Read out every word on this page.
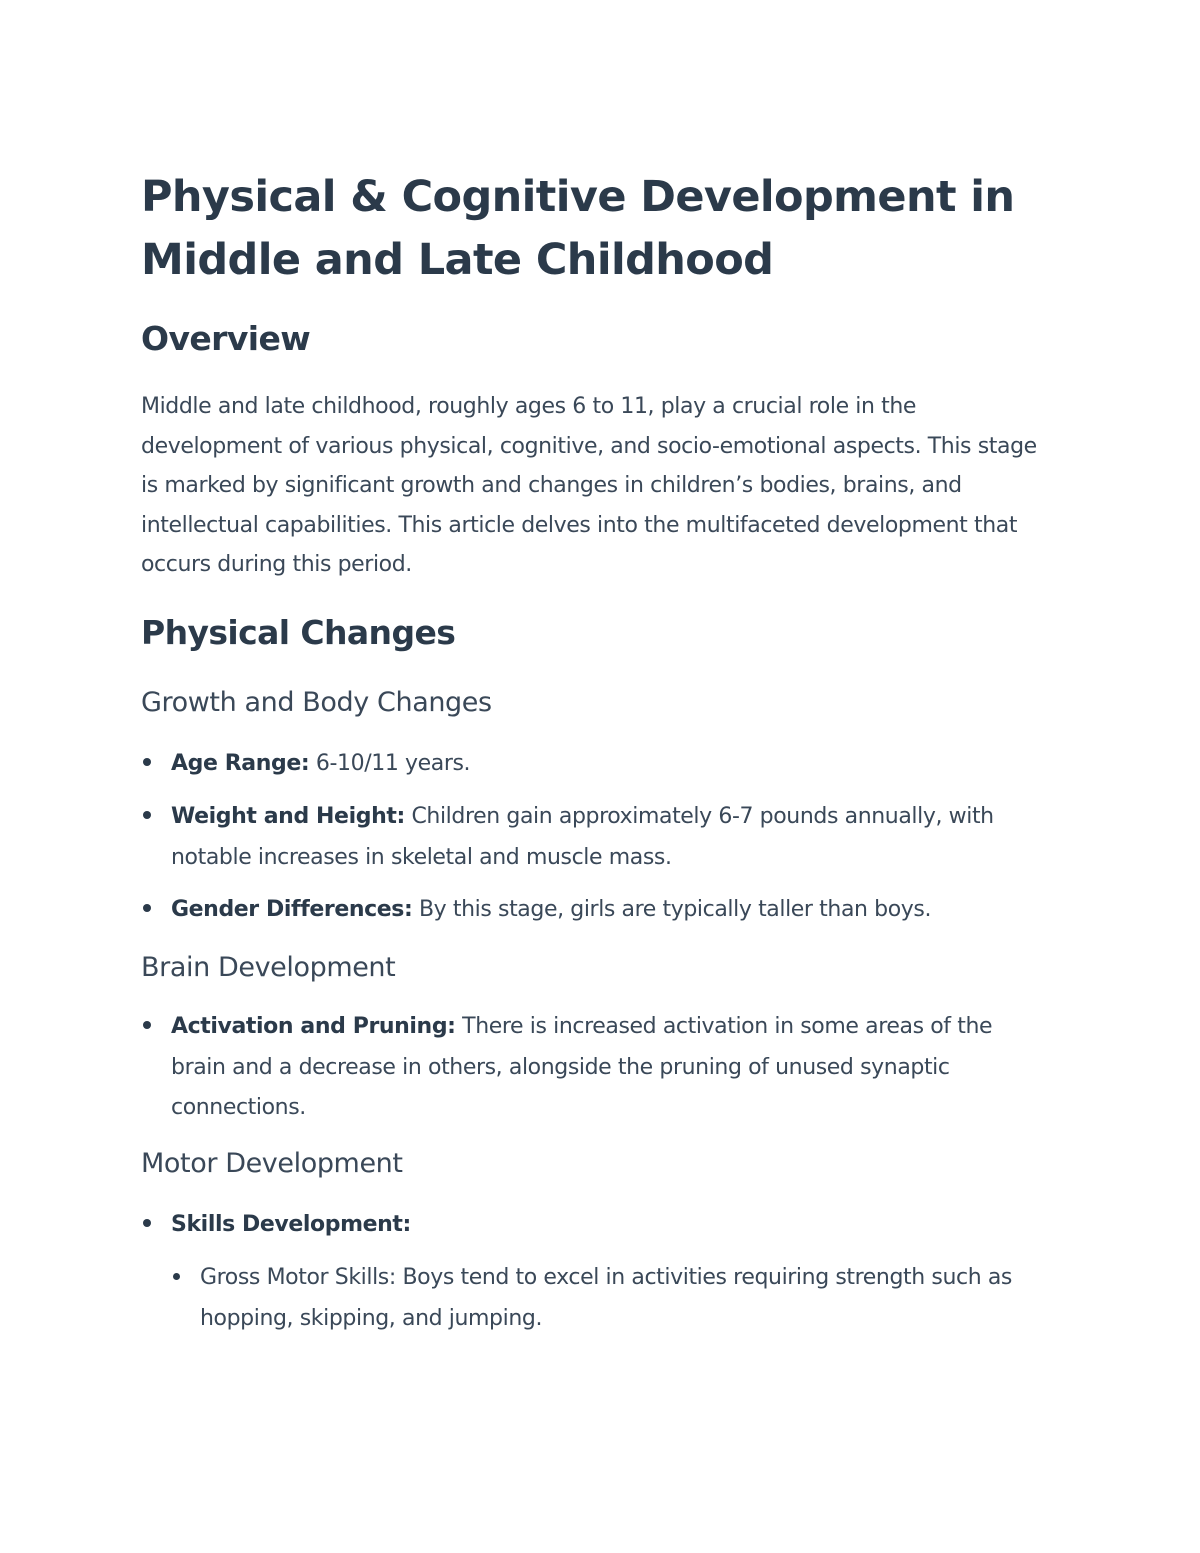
Physical & Cognitive Development in Middle and Late Childhood
Overview

Middle and late childhood, roughly ages 6 to 11, play a crucial role in the development of various physical, cognitive, and socio-emotional aspects. This stage is marked by significant growth and changes in children’s bodies, brains, and intellectual capabilities. This article delves into the multifaceted development that occurs during this period.

Physical Changes
Growth and Body Changes
Age Range: 6-10/11 years.
Weight and Height: Children gain approximately 6-7 pounds annually, with notable increases in skeletal and muscle mass.
Gender Differences: By this stage, girls are typically taller than boys.
Brain Development
Activation and Pruning: There is increased activation in some areas of the brain and a decrease in others, alongside the pruning of unused synaptic connections.
Motor Development
Skills Development:
Gross Motor Skills: Boys tend to excel in activities requiring strength such as hopping, skipping, and jumping.
